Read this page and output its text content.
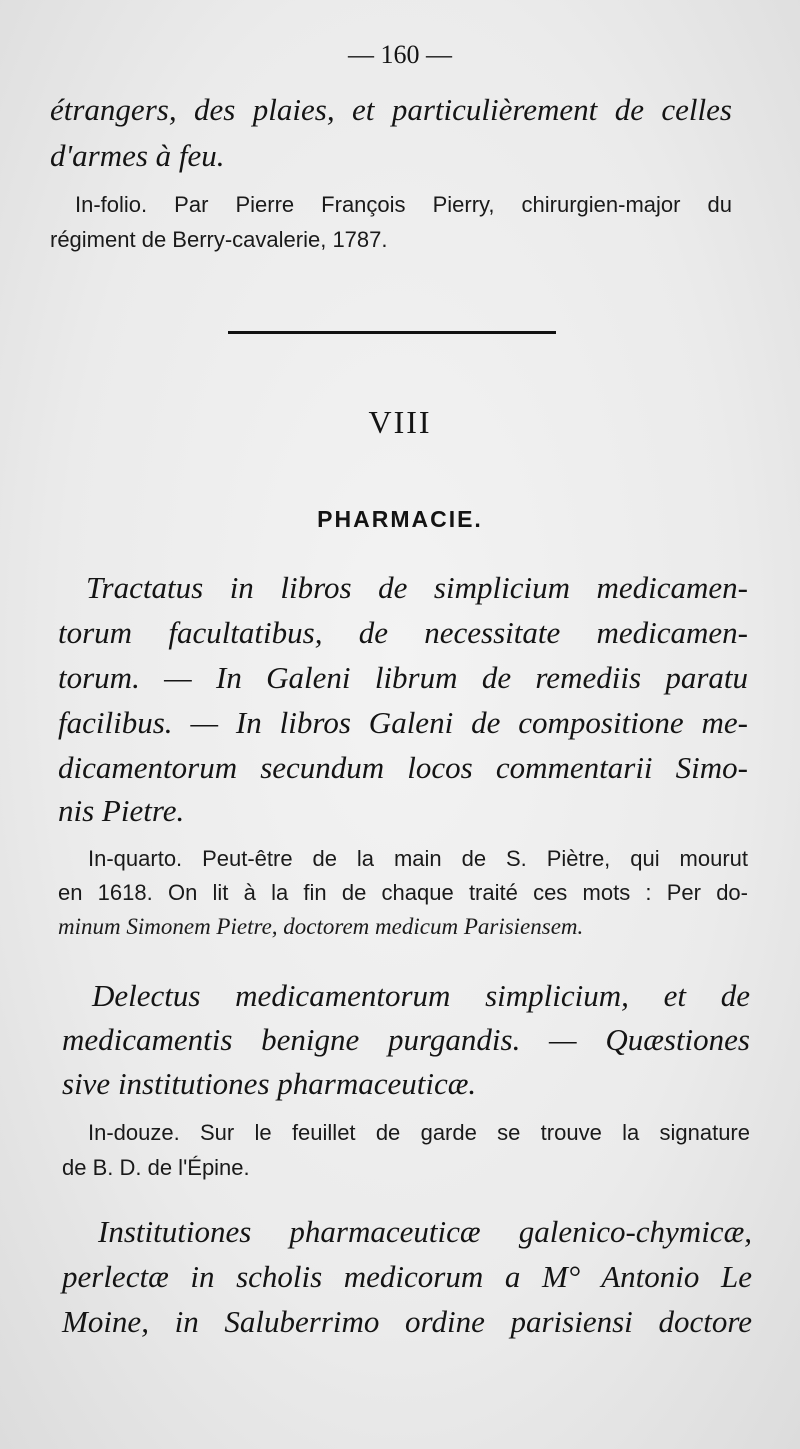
— 160 —
étrangers, des plaies, et particulièrement de celles
d'armes à feu.
In-folio. Par Pierre François Pierry, chirurgien-major du
régiment de Berry-cavalerie, 1787.
VIII
PHARMACIE.
Tractatus in libros de simplicium medicamen-
torum facultatibus, de necessitate medicamen-
torum. — In Galeni librum de remediis paratu
facilibus. — In libros Galeni de compositione me-
dicamentorum secundum locos commentarii Simo-
nis Pietre.
In-quarto. Peut-être de la main de S. Piètre, qui mourut
en 1618. On lit à la fin de chaque traité ces mots : Per do-
minum Simonem Pietre, doctorem medicum Parisiensem.
Delectus medicamentorum simplicium, et de
medicamentis benigne purgandis. — Quæstiones
sive institutiones pharmaceuticæ.
In-douze. Sur le feuillet de garde se trouve la signature
de B. D. de l'Épine.
Institutiones pharmaceuticæ galenico-chymicæ,
perlectæ in scholis medicorum a M° Antonio Le
Moine, in Saluberrimo ordine parisiensi doctore
